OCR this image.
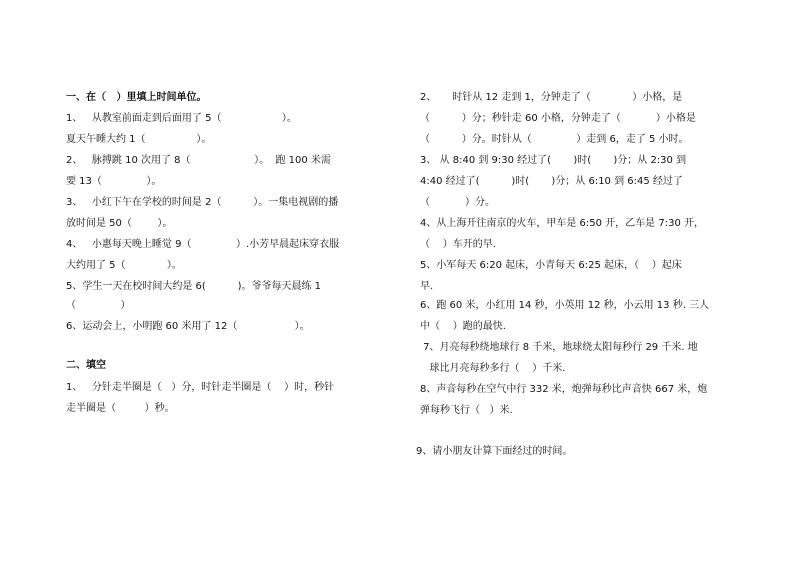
一、在（   ）里填上时间单位。
1、   从教室前面走到后面用了 5（                   ）。
夏天午睡大约 1（                ）。
2、   脉搏跳 10 次用了 8（                    ）。  跑 100 米需
要 13（              ）。
3、   小红下午在学校的时间是 2（          ）。一集电视剧的播
放时间是 50（        ）。
4、   小惠每天晚上睡觉 9（              ）.小芳早晨起床穿衣服
大约用了 5（             ）。
5、学生一天在校时间大约是 6(          )。爷爷每天晨练 1
（              ）
6、运动会上，小明跑 60 米用了 12（                  ）。
二、填空
1、   分针走半圈是（   ）分，时针走半圈是（    ）时，秒针
走半圈是（         ）秒。
2、     时针从 12 走到 1，分钟走了（             ）小格，是
（          ）分；秒针走 60 小格，分钟走了（           ）小格是
（          ）分。时针从（              ）走到 6，走了 5 小时。
3、 从 8:40 到 9:30 经过了(       )时(       )分；从 2:30 到
4:40 经过了(          )时(       )分；从 6:10 到 6:45 经过了
（           ）分。
4、从上海开往南京的火车，甲车是 6:50 开，乙车是 7:30 开，
（    ）车开的早.
5、小军每天 6:20 起床，小青每天 6:25 起床，（    ）起床
早.
6、跑 60 米，小红用 14 秒，小英用 12 秒，小云用 13 秒. 三人
中（    ）跑的最快.
7、月亮每秒绕地球行 8 千米，地球绕太阳每秒行 29 千米. 地
球比月亮每秒多行（    ）千米.
8、声音每秒在空气中行 332 米，炮弹每秒比声音快 667 米，炮
弹每秒飞行（   ）米.
9、请小朋友计算下面经过的时间。
